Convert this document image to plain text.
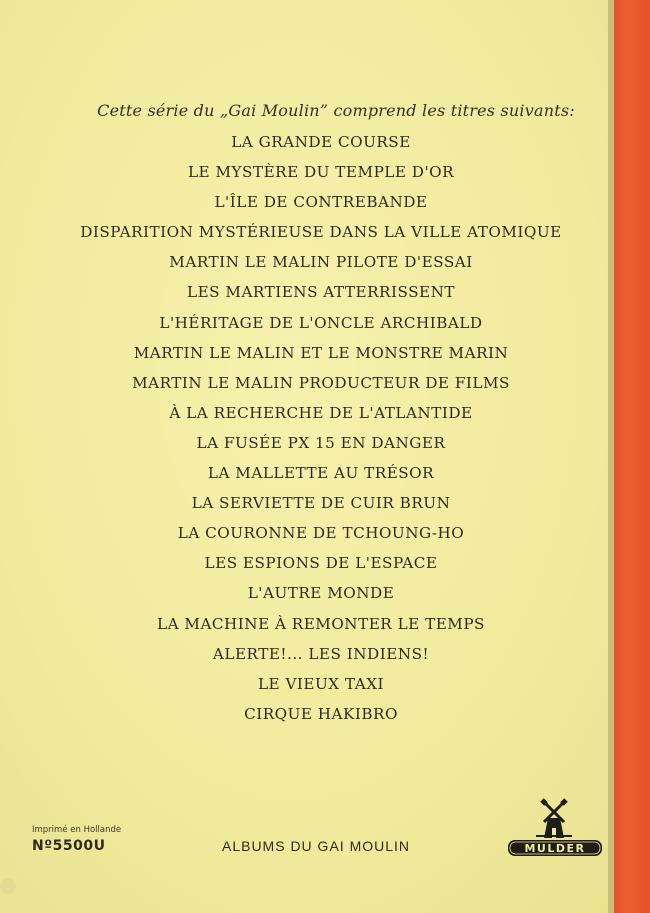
Cette série du „Gai Moulin” comprend les titres suivants:
LA GRANDE COURSE
LE MYSTÈRE DU TEMPLE D'OR
L'ÎLE DE CONTREBANDE
DISPARITION MYSTÉRIEUSE DANS LA VILLE ATOMIQUE
MARTIN LE MALIN PILOTE D'ESSAI
LES MARTIENS ATTERRISSENT
L'HÉRITAGE DE L'ONCLE ARCHIBALD
MARTIN LE MALIN ET LE MONSTRE MARIN
MARTIN LE MALIN PRODUCTEUR DE FILMS
À LA RECHERCHE DE L'ATLANTIDE
LA FUSÉE PX 15 EN DANGER
LA MALLETTE AU TRÉSOR
LA SERVIETTE DE CUIR BRUN
LA COURONNE DE TCHOUNG-HO
LES ESPIONS DE L'ESPACE
L'AUTRE MONDE
LA MACHINE À REMONTER LE TEMPS
ALERTE!... LES INDIENS!
LE VIEUX TAXI
CIRQUE HAKIBRO
Imprimé en Hollande
Nº5500U	ALBUMS DU GAI MOULIN	MULDER
